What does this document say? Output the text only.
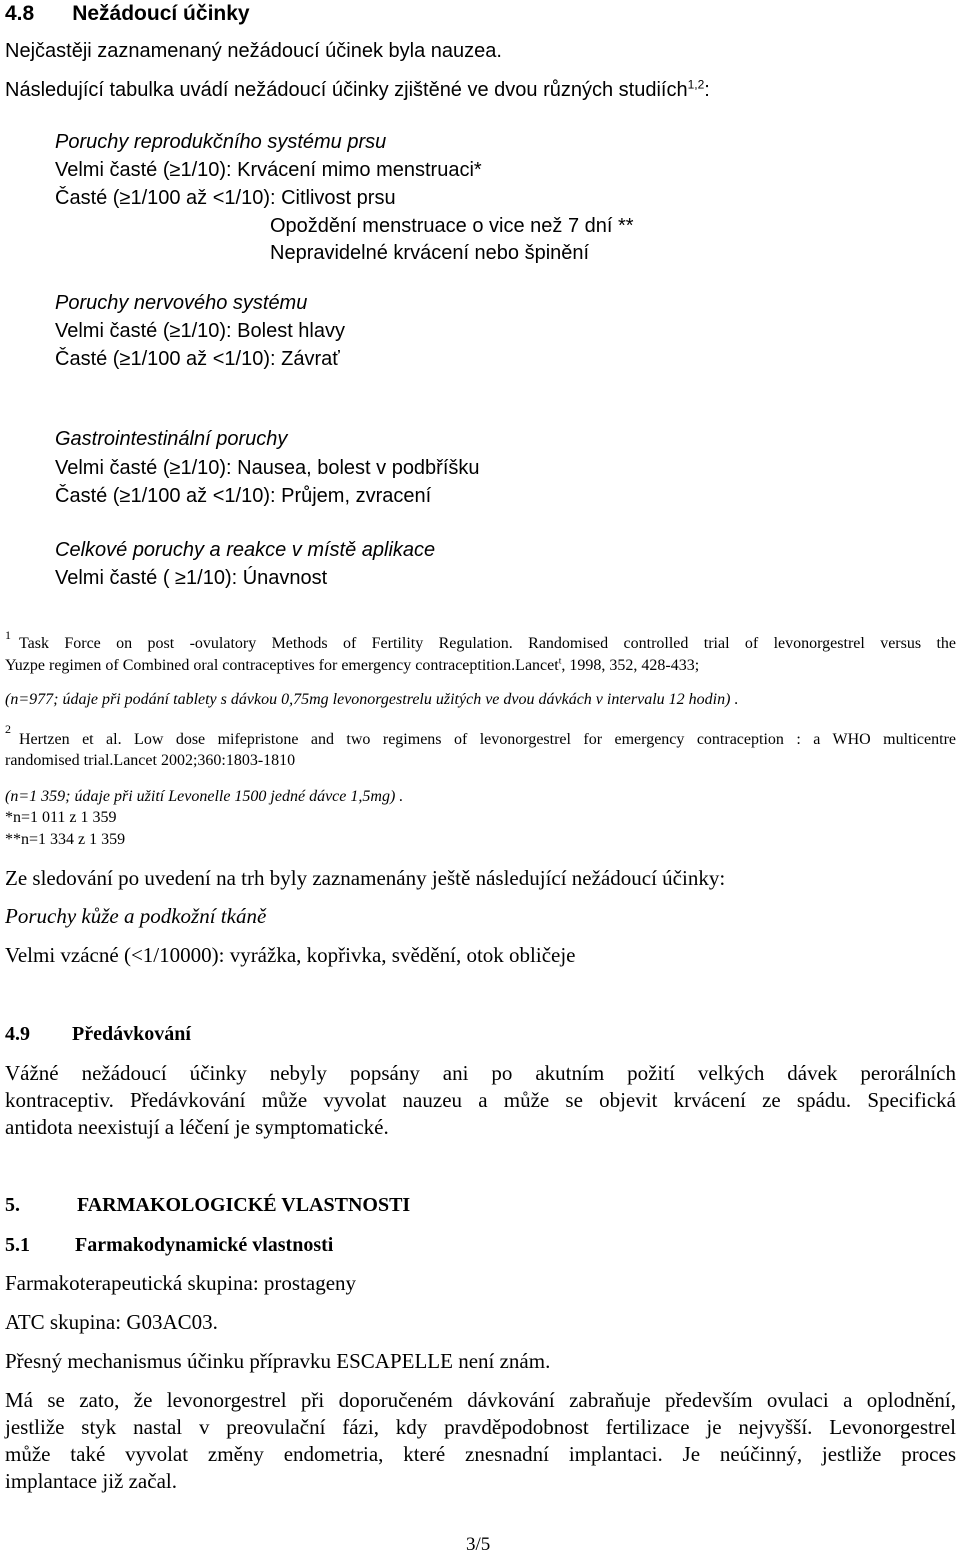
4.8 Nežádoucí účinky
Nejčastěji zaznamenaný nežádoucí účinek byla nauzea.
Následující tabulka uvádí nežádoucí účinky zjištěné ve dvou různých studiích$^{1,2}$:
Poruchy reprodukčního systému prsu
Velmi časté (≥1/10): Krvácení mimo menstruaci*
Časté (≥1/100 až <1/10): Citlivost prsu
Opoždění menstruace o vice než 7 dní **
Nepravidelné krvácení nebo špinění
Poruchy nervového systému
Velmi časté (≥1/10): Bolest hlavy
Časté (≥1/100 až <1/10): Závrať
Gastrointestinální poruchy
Velmi časté (≥1/10): Nausea, bolest v podbříšku
Časté (≥1/100 až <1/10): Průjem, zvracení
Celkové poruchy a reakce v místě aplikace
Velmi časté ( ≥1/10): Únavnost
1 Task Force on post -ovulatory Methods of Fertility Regulation. Randomised controlled trial of levonorgestrel versus the
Yuzpe regimen of Combined oral contraceptives for emergency contraceptition.Lancet$^t$, 1998, 352, 428-433;
(n=977; údaje při podání tablety s dávkou 0,75mg levonorgestrelu užitých ve dvou dávkách v intervalu 12 hodin) .
2
Hertzen et al. Low dose mifepristone and two regimens of levonorgestrel for emergency contraception : a WHO multicentre
randomised trial.Lancet 2002;360:1803-1810
(n=1 359; údaje při užití Levonelle 1500 jedné dávce 1,5mg) .
*n=1 011 z 1 359
**n=1 334 z 1 359
Ze sledování po uvedení na trh byly zaznamenány ještě následující nežádoucí účinky:
Poruchy kůže a podkožní tkáně
Velmi vzácné (<1/10000): vyrážka, kopřivka, svědění, otok obličeje
4.9 Předávkování
Vážné nežádoucí účinky nebyly popsány ani po akutním požití velkých dávek perorálních
kontraceptiv. Předávkování může vyvolat nauzeu a může se objevit krvácení ze spádu. Specifická
antidota neexistují a léčení je symptomatické.
5.	FARMAKOLOGICKÉ VLASTNOSTI
5.1 Farmakodynamické vlastnosti
Farmakoterapeutická skupina: prostageny
ATC skupina: G03AC03.
Přesný mechanismus účinku přípravku ESCAPELLE není znám.
Má se zato, že levonorgestrel při doporučeném dávkování zabraňuje především ovulaci a oplodnění,
jestliže styk nastal v preovulační fázi, kdy pravděpodobnost fertilizace je nejvyšší. Levonorgestrel
může také vyvolat změny endometria, které znesnadní implantaci. Je neúčinný, jestliže proces
implantace již začal.
3/5
